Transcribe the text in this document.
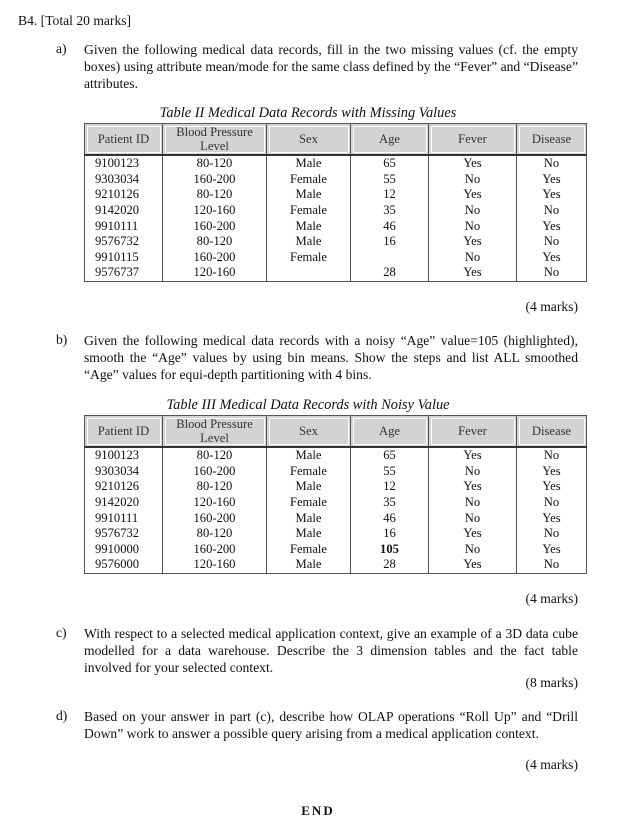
B4. [Total 20 marks]
a) Given the following medical data records, fill in the two missing values (cf. the empty boxes) using attribute mean/mode for the same class defined by the “Fever” and “Disease” attributes.
Table II Medical Data Records with Missing Values
Patient ID	Blood Pressure Level	Sex	Age	Fever	Disease
9100123	80-120	Male	65	Yes	No
9303034	160-200	Female	55	No	Yes
9210126	80-120	Male	12	Yes	Yes
9142020	120-160	Female	35	No	No
9910111	160-200	Male	46	No	Yes
9576732	80-120	Male	16	Yes	No
9910115	160-200	Female		No	Yes
9576737	120-160		28	Yes	No
(4 marks)
b) Given the following medical data records with a noisy “Age” value=105 (highlighted), smooth the “Age” values by using bin means. Show the steps and list ALL smoothed “Age” values for equi-depth partitioning with 4 bins.
Table III Medical Data Records with Noisy Value
Patient ID	Blood Pressure Level	Sex	Age	Fever	Disease
9100123	80-120	Male	65	Yes	No
9303034	160-200	Female	55	No	Yes
9210126	80-120	Male	12	Yes	Yes
9142020	120-160	Female	35	No	No
9910111	160-200	Male	46	No	Yes
9576732	80-120	Male	16	Yes	No
9910000	160-200	Female	105	No	Yes
9576000	120-160	Male	28	Yes	No
(4 marks)
c) With respect to a selected medical application context, give an example of a 3D data cube modelled for a data warehouse. Describe the 3 dimension tables and the fact table involved for your selected context.
(8 marks)
d) Based on your answer in part (c), describe how OLAP operations “Roll Up” and “Drill Down” work to answer a possible query arising from a medical application context.
(4 marks)
END
